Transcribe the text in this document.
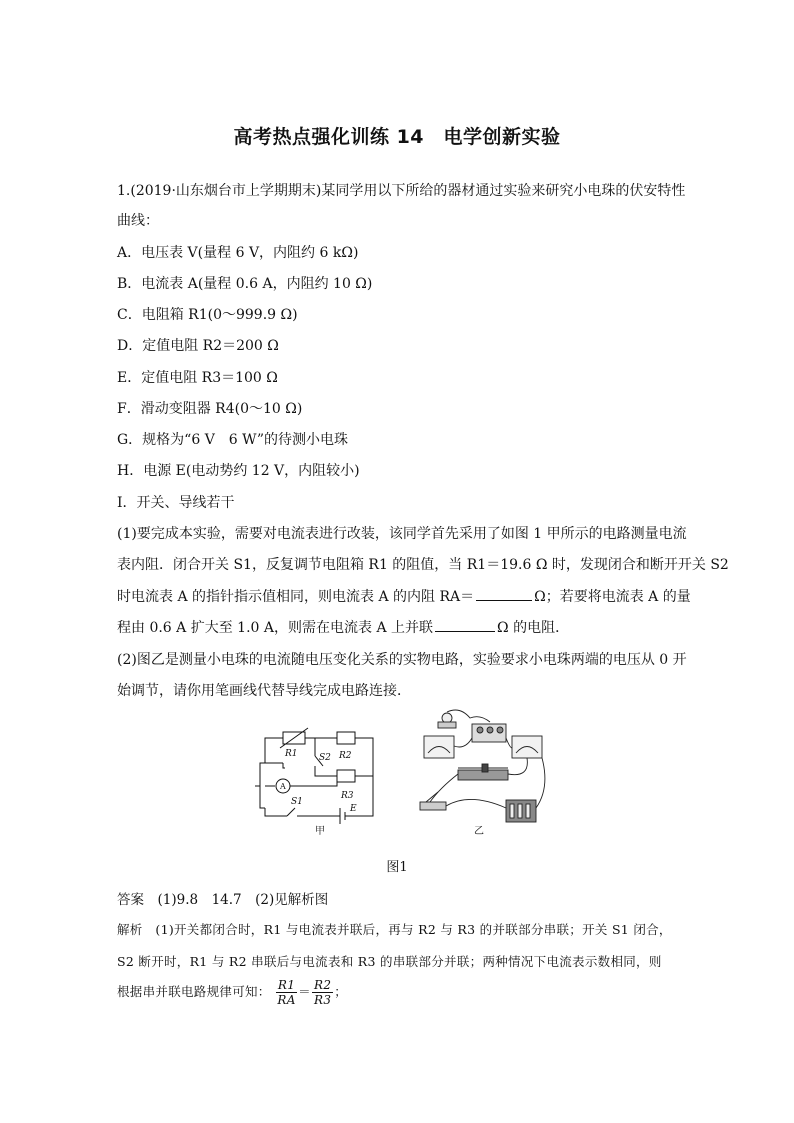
高考热点强化训练 14　电学创新实验
1.(2019·山东烟台市上学期期末)某同学用以下所给的器材通过实验来研究小电珠的伏安特性
曲线：
A．电压表 V(量程 6 V，内阻约 6 kΩ)
B．电流表 A(量程 0.6 A，内阻约 10 Ω)
C．电阻箱 R1(0～999.9 Ω)
D．定值电阻 R2＝200 Ω
E．定值电阻 R3＝100 Ω
F．滑动变阻器 R4(0～10 Ω)
G．规格为“6 V　6 W”的待测小电珠
H．电源 E(电动势约 12 V，内阻较小)
I．开关、导线若干
(1)要完成本实验，需要对电流表进行改装，该同学首先采用了如图 1 甲所示的电路测量电流
表内阻．闭合开关 S1，反复调节电阻箱 R1 的阻值，当 R1＝19.6 Ω 时，发现闭合和断开开关 S2
时电流表 A 的指针指示值相同，则电流表 A 的内阻 RA＝	Ω；若要将电流表 A 的量
程由 0.6 A 扩大至 1.0 A，则需在电流表 A 上并联	Ω 的电阻．
(2)图乙是测量小电珠的电流随电压变化关系的实物电路，实验要求小电珠两端的电压从 0 开
始调节，请你用笔画线代替导线完成电路连接．
R1	R2
S2
R3
S1
E
A
甲	乙
图1
答案　(1)9.8　14.7　(2)见解析图
解析　(1)开关都闭合时，R1 与电流表并联后，再与 R2 与 R3 的并联部分串联；开关 S1 闭合，
S2 断开时，R1 与 R2 串联后与电流表和 R3 的串联部分并联；两种情况下电流表示数相同，则
根据串并联电路规律可知： $\frac{R1}{RA} = \frac{R2}{R3}$ ；
